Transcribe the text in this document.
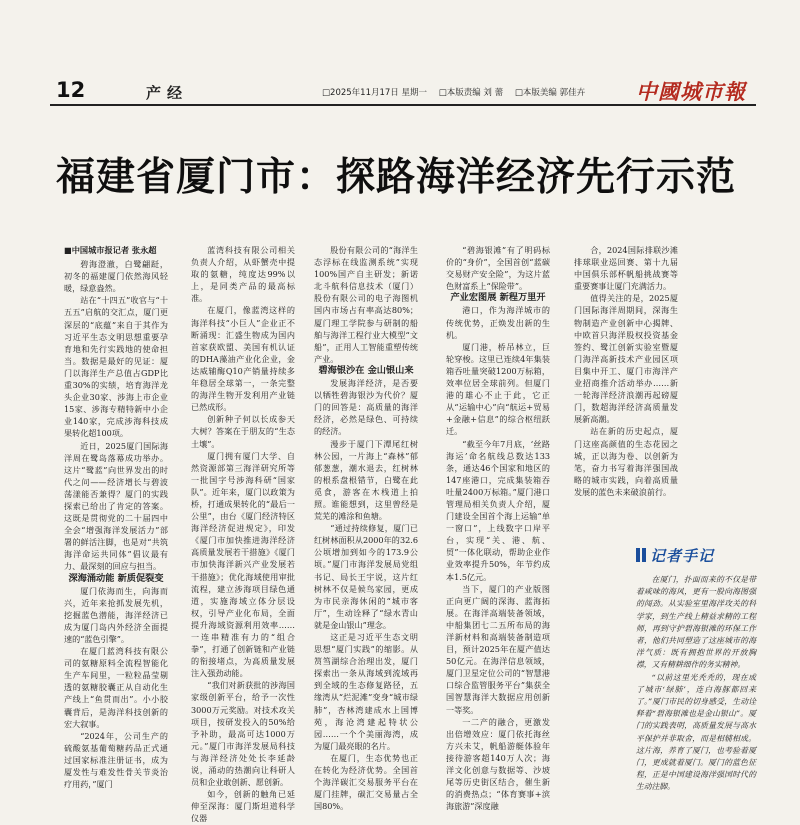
12	产经	□2025年11月17日 星期一 □本版责编 刘 薷 □本版美编 郭佳卉	中國城市報
福建省厦门市：探路海洋经济先行示范
■中国城市报记者 张永超

碧海澄澈，白鹭翩跹，初冬的福建厦门依然海风轻暖，绿意盎然。

站在“十四五”收官与“十五五”启航的交汇点，厦门更深层的“底蕴”来自于其作为习近平生态文明思想重要孕育地和先行实践地的使命担当。数据是最好的见证：厦门以海洋生产总值占GDP比重30%的实绩，培育海洋龙头企业30家、涉海上市企业15家、涉海专精特新中小企业140家，完成涉海科技成果转化超100项。

近日，2025厦门国际海洋周在鹭岛落幕成功举办。这片“鹭蓝”向世界发出的时代之问——经济增长与碧波荡漾能否兼得？厦门的实践探索已给出了肯定的答案。这既是贯彻党的二十届四中全会“增强海洋发展活力”部署的鲜活注脚，也是对“共筑海洋命运共同体”倡议最有力、最深刻的回应与担当。

深海涌动能 新质促裂变

厦门依海而生，向海而兴，近年来抢抓发展先机，挖掘蓝色潜能，海洋经济已成为厦门岛内外经济全面提速的“蓝色引擎”。

在厦门蓝湾科技有限公司的氨糖原料全流程智能化生产车间里，一粒粒晶莹剔透的氨糖胶囊正从自动化生产线上“鱼贯而出”。小小胶囊背后，是海洋科技创新的宏大叙事。

“2024年，公司生产的硫酸氨基葡萄糖药品正式通过国家标准注册证书，成为厦发性与难发性骨关节炎治疗用药，”厦门

蓝湾科技有限公司相关负责人介绍，从虾蟹壳中提取的氨糖，纯度达99%以上，是同类产品的最高标准。

在厦门，像蓝湾这样的海洋科技“小巨人”企业正不断涌现：汇盛生物成为国内首家获欧盟、美国有机认证的DHA藻油产业化企业，金达威辅酶Q10产销量持续多年稳居全球第一，一条完整的海洋生物开发利用产业链已然成形。

创新种子何以长成参天大树？答案在于朋友的“生态土壤”。

厦门拥有厦门大学、自然资源部第三海洋研究所等一批国字号涉海科研“国家队”。近年来，厦门以政策为桥，打通成果转化的“最后一公里”，由台《厦门经济特区海洋经济促进规定》，印发《厦门市加快推进海洋经济高质量发展若干措施》《厦门市加快海洋新兴产业发展若干措施》；优化海域使用审批流程，建立涉海项目绿色通道，实施海域立体分层设权，引导产业化布局，全面提升海域资源利用效率……一连串精准有力的“组合拳”，打通了创新链和产业链的衔接堵点，为高质量发展注入强劲动能。

“我们对新获批的涉海国家级创新平台，给予一次性3000万元奖励。对技术攻关项目，按研发投入的50%给予补助，最高可达1000万元。”厦门市海洋发展局科技与海洋经济处处长李延龄说，涌动的热潮向让科研人员和企业敢创新、愿创新。

如今，创新的触角已延伸至深海：厦门斯坦道科学仪器

股份有限公司的“海洋生态浮标在线监测系统”实现100%国产自主研发；新诺北斗航科信息技术（厦门）股份有限公司的电子海图机国内市场占有率高达80%；厦门理工学院参与研制的船舶与海洋工程行业大模型“文船”，正用人工智能重塑传统产业。

碧海银沙在 金山银山来

发展海洋经济，是否要以牺牲碧海银沙为代价？厦门的回答是：高质量的海洋经济，必然是绿色、可持续的经济。

漫步于厦门下潭尾红树林公园，一片海上“森林”郁郁葱葱，潮水退去，红树林的根系盘根错节，白鹭在此觅食，游客在木栈道上拍照。谁能想到，这里曾经是荒芜的滩涂和鱼塘。

“通过持续修复，厦门已红树林面积从2000年的32.6公顷增加到如今的173.9公顷。”厦门市海洋发展局党组书记、局长王宇说，这片红树林不仅是候鸟家园，更成为市民亲海休闲的“城市客厅”，生动诠释了“绿水青山就是金山银山”理念。

这正是习近平生态文明思想“厦门实践”的缩影。从筼筜湖综合治理出发，厦门探索出一条从海域到流域再到全域的生态修复路径，五缘湾从“烂泥滩”变身“城市绿肺”，杏林湾建成水上国博苑，海沧湾建起特状公园……一个个美丽海湾，成为厦门最亮眼的名片。

在厦门，生态优势也正在转化为经济优势。全国首个海洋碳汇交易服务平台在厦门挂牌，碳汇交易量占全国80%。

“碧海银滩”有了明码标价的“身价”，全国首创“蓝碳交易财产安全险”，为这片蓝色财富系上“保险带”。

产业宏图展 新程万里开

港口，作为海洋城市的传统优势，正焕发出新的生机。

厦门港，桥吊林立，巨轮穿梭。这里已连续4年集装箱吞吐量突破1200万标箱，效率位居全球前列。但厦门港的雄心不止于此，它正从“运输中心”向“航运+贸易+金融+信息”的综合枢纽跃迁。

“截至今年7月底，‘丝路海运’命名航线总数达133条，通达46个国家和地区的147座港口，完成集装箱吞吐量2400万标箱。”厦门港口管理局相关负责人介绍，厦门建设全国首个海上运输“单一窗口”，上线数字口岸平台，实现“关、港、航、贸”一体化联动，帮助企业作业效率提升50%，年节约成本1.5亿元。

当下，厦门的产业版图正向更广阔的深海、蓝海拓展。在海洋高端装备领域，中船集团七二五所布局的海洋新材料和高端装备制造项目，预计2025年在厦产值达50亿元。在海洋信息领域，厦门卫星定位公司的“智慧港口综合监管服务平台”集获全国智慧海洋大数据应用创新一等奖。

一二产的融合，更激发出倍增效应：厦门依托海丝方兴未艾，帆船游艇体验年接待游客超140万人次；海洋文化创意与数据等、沙坡尾等历史街区结合，催生新的消费热点；“体育赛事+滨海旅游”深度融

合，2024国际排联沙滩排球联业巡回赛、第十九届中国俱乐部杯帆船挑战赛等重要赛事让厦门充满活力。

值得关注的是，2025厦门国际海洋周期间，深海生物制造产业创新中心揭牌、中欧首只海洋股权投资基金签约、鹭江创新实验室暨厦门海洋高新技术产业园区项目集中开工、厦门市海洋产业招商推介活动举办……新一轮海洋经济浪潮再起磅厦门，数超海洋经济高质量发展新高潮。

站在新的历史起点，厦门这座高颜值的生态花园之城，正以海为卷、以创新为笔，奋力书写着海洋强国战略的城市实践，向着高质量发展的蓝色未来破浪前行。

记者手记

在厦门，扑面而来的不仅是带着咸味的海风，更有一股向海图强的闯劲。从实验室里海洋攻关的科学家，到生产线上精益求精的工程师，再到守护碧海银滩的环保工作者，他们共同塑造了这座城市的海洋气质：既有拥抱世界的开放胸襟，又有精耕细作的务实精神。

“以前这里光秃秃的，现在成了城市‘绿肺’，连白海豚都回来了。”厦门市民的切身感受，生动诠释着“碧海银滩也是金山银山”。厦门的实践表明，高质量发展与高水平保护并非取舍，而是相辅相成。这片海，养育了厦门，也考验着厦门，更成就着厦门。厦门的蓝色征程，正是中国建设海洋强国时代的生动注脚。
